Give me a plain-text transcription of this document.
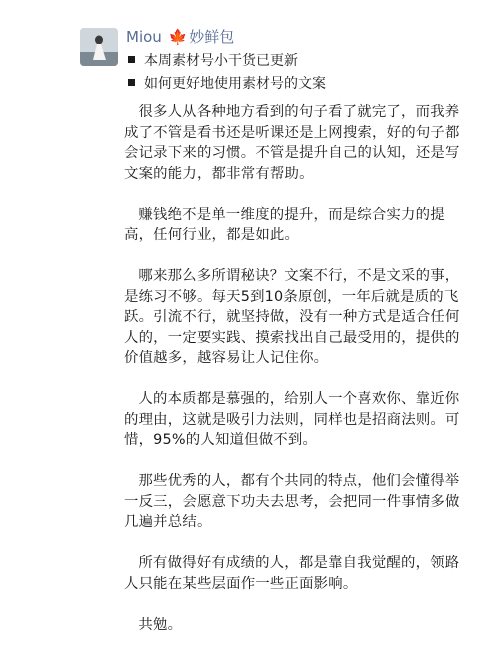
Miou 🍁 妙鲜包
本周素材号小干货已更新
如何更好地使用素材号的文案

很多人从各种地方看到的句子看了就完了，而我养成了不管是看书还是听课还是上网搜索，好的句子都会记录下来的习惯。不管是提升自己的认知，还是写文案的能力，都非常有帮助。

赚钱绝不是单一维度的提升，而是综合实力的提高，任何行业，都是如此。

哪来那么多所谓秘诀？文案不行，不是文采的事，是练习不够。每天5到10条原创，一年后就是质的飞跃。引流不行，就坚持做，没有一种方式是适合任何人的，一定要实践、摸索找出自己最受用的，提供的价值越多，越容易让人记住你。

人的本质都是慕强的，给别人一个喜欢你、靠近你的理由，这就是吸引力法则，同样也是招商法则。可惜，95%的人知道但做不到。

那些优秀的人，都有个共同的特点，他们会懂得举一反三，会愿意下功夫去思考，会把同一件事情多做几遍并总结。

所有做得好有成绩的人，都是靠自我觉醒的，领路人只能在某些层面作一些正面影响。

共勉。
